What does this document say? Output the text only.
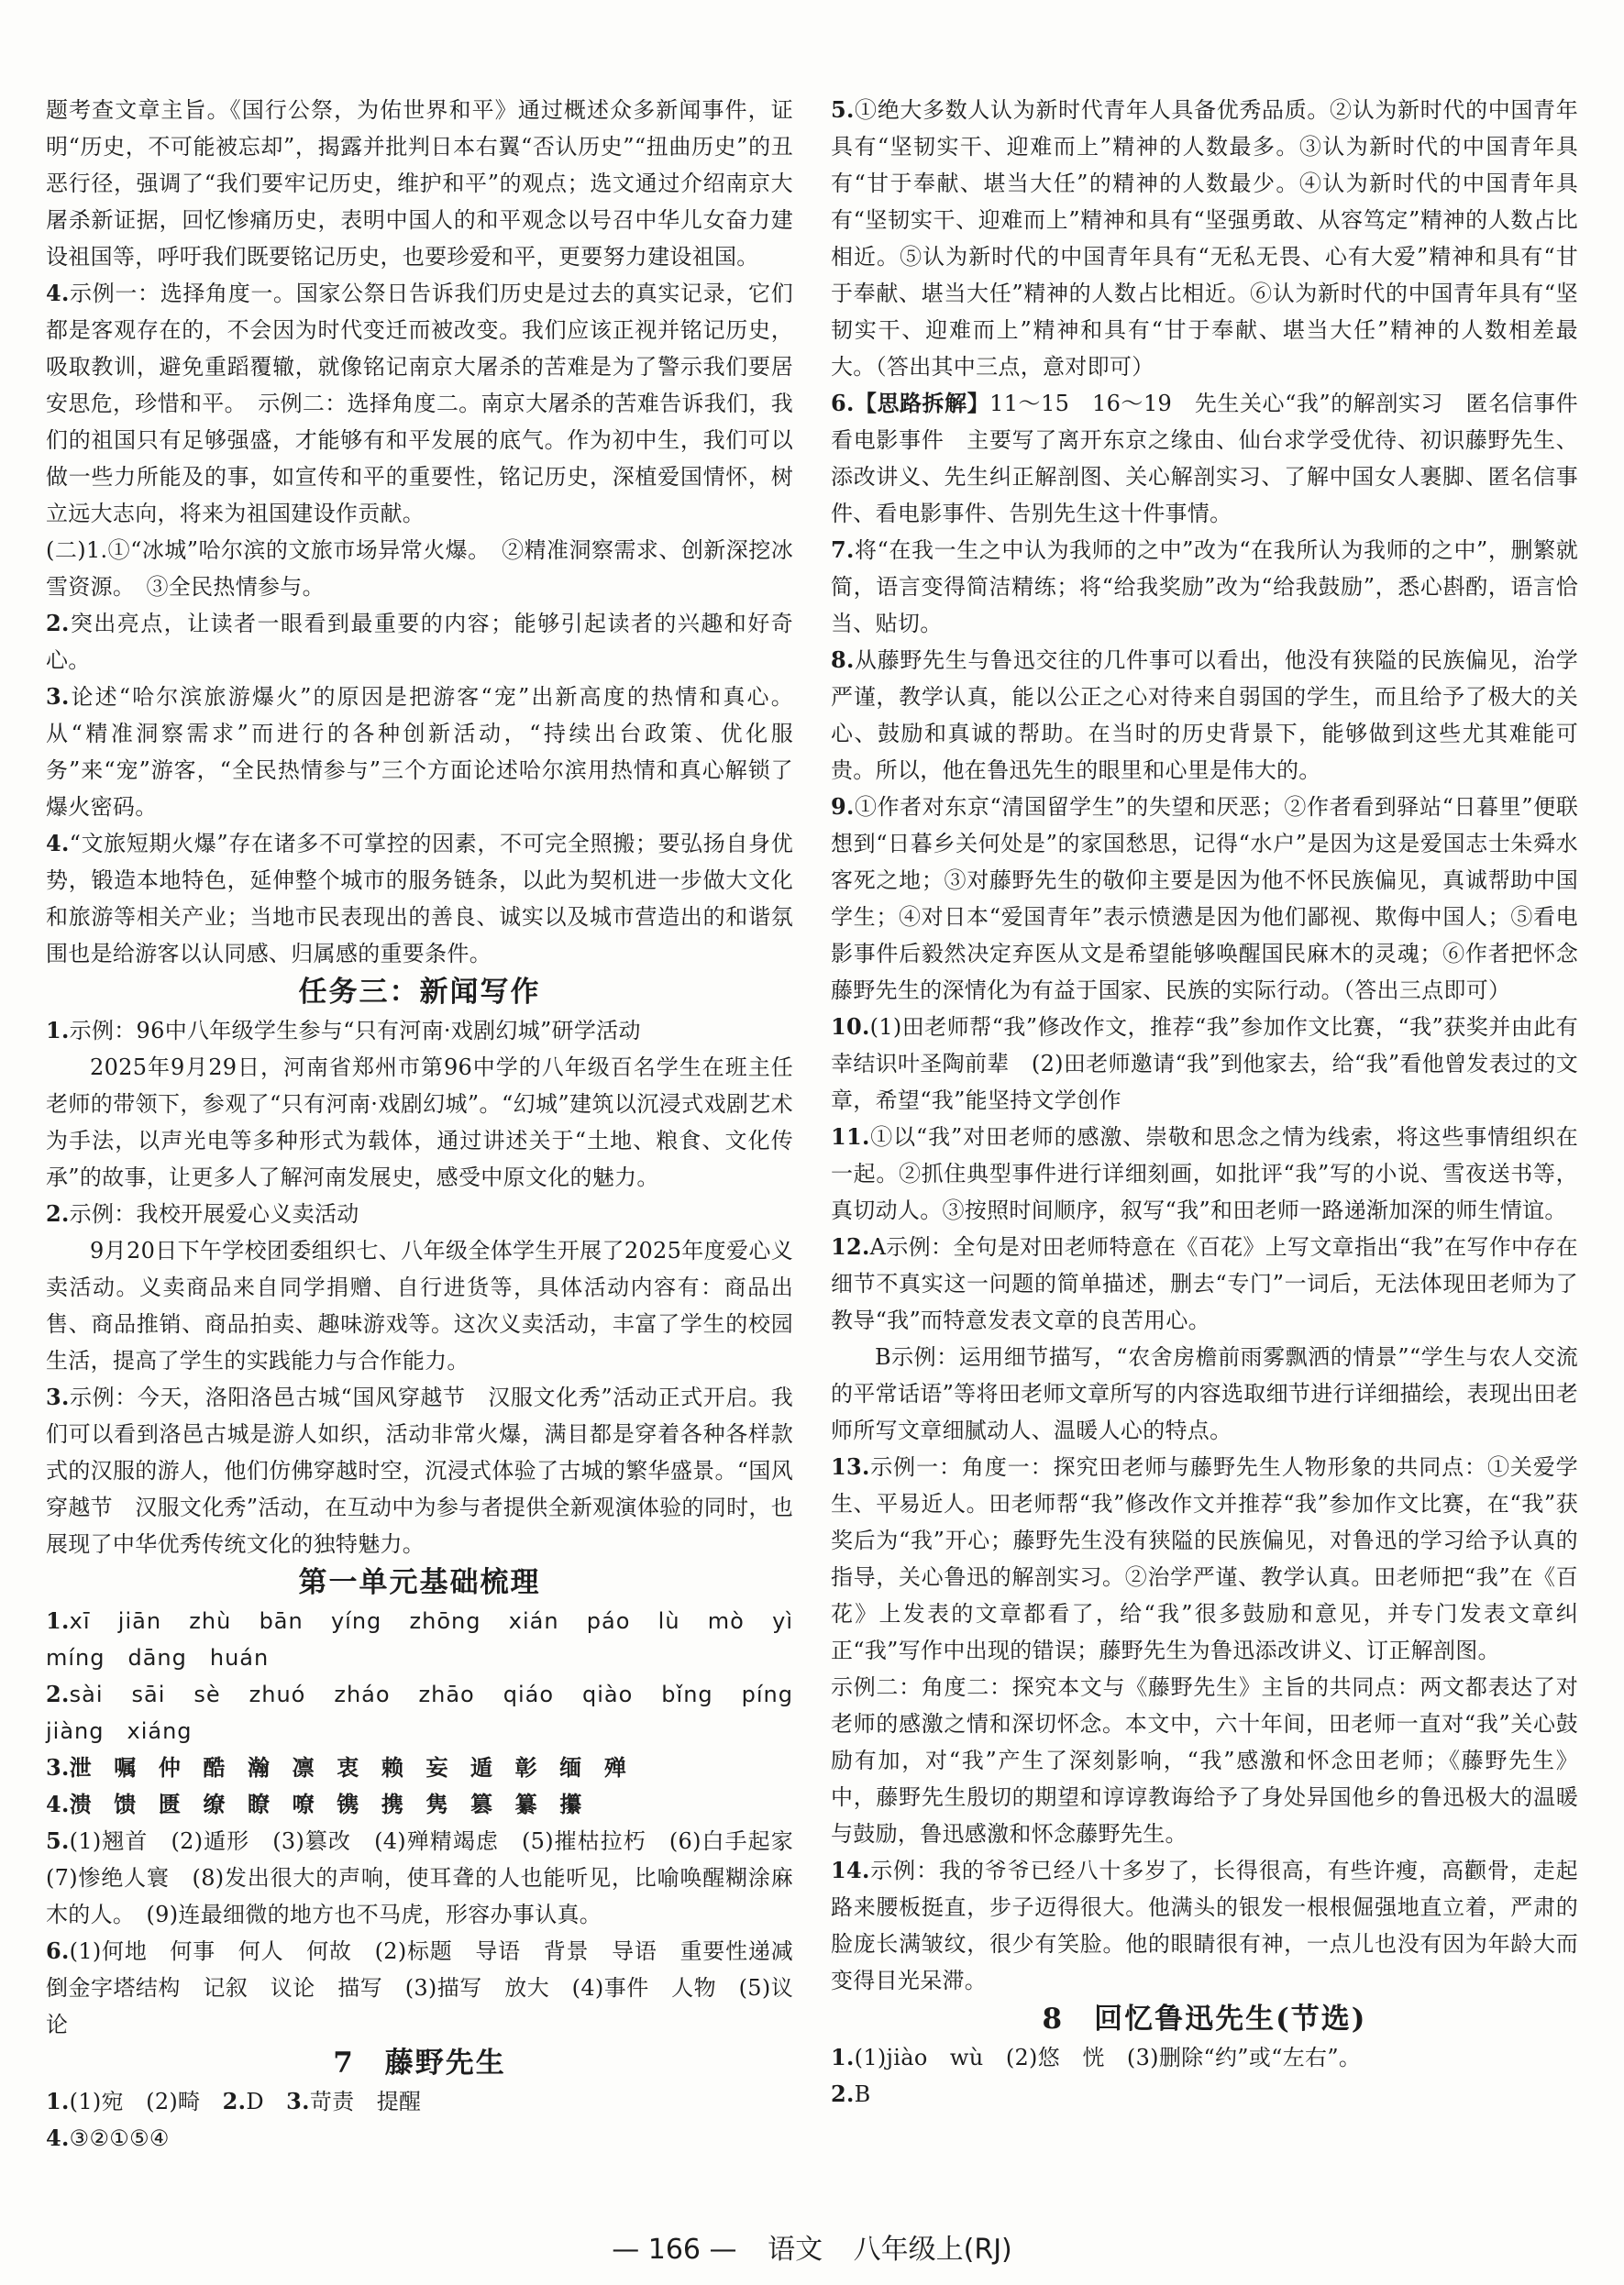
题考查文章主旨。《国行公祭，为佑世界和平》通过概述众多新闻事件，证明“历史，不可能被忘却”，揭露并批判日本右翼“否认历史”“扭曲历史”的丑恶行径，强调了“我们要牢记历史，维护和平”的观点；选文通过介绍南京大屠杀新证据，回忆惨痛历史，表明中国人的和平观念以号召中华儿女奋力建设祖国等，呼吁我们既要铭记历史，也要珍爱和平，更要努力建设祖国。

4.示例一：选择角度一。国家公祭日告诉我们历史是过去的真实记录，它们都是客观存在的，不会因为时代变迁而被改变。我们应该正视并铭记历史，吸取教训，避免重蹈覆辙，就像铭记南京大屠杀的苦难是为了警示我们要居安思危，珍惜和平。　示例二：选择角度二。南京大屠杀的苦难告诉我们，我们的祖国只有足够强盛，才能够有和平发展的底气。作为初中生，我们可以做一些力所能及的事，如宣传和平的重要性，铭记历史，深植爱国情怀，树立远大志向，将来为祖国建设作贡献。

(二)1.①“冰城”哈尔滨的文旅市场异常火爆。　②精准洞察需求、创新深挖冰雪资源。　③全民热情参与。

2.突出亮点，让读者一眼看到最重要的内容；能够引起读者的兴趣和好奇心。

3.论述“哈尔滨旅游爆火”的原因是把游客“宠”出新高度的热情和真心。从“精准洞察需求”而进行的各种创新活动，“持续出台政策、优化服务”来“宠”游客，“全民热情参与”三个方面论述哈尔滨用热情和真心解锁了爆火密码。

4.“文旅短期火爆”存在诸多不可掌控的因素，不可完全照搬；要弘扬自身优势，锻造本地特色，延伸整个城市的服务链条，以此为契机进一步做大文化和旅游等相关产业；当地市民表现出的善良、诚实以及城市营造出的和谐氛围也是给游客以认同感、归属感的重要条件。

任务三：新闻写作

1.示例：96中八年级学生参与“只有河南·戏剧幻城”研学活动

2025年9月29日，河南省郑州市第96中学的八年级百名学生在班主任老师的带领下，参观了“只有河南·戏剧幻城”。“幻城”建筑以沉浸式戏剧艺术为手法，以声光电等多种形式为载体，通过讲述关于“土地、粮食、文化传承”的故事，让更多人了解河南发展史，感受中原文化的魅力。

2.示例：我校开展爱心义卖活动

9月20日下午学校团委组织七、八年级全体学生开展了2025年度爱心义卖活动。义卖商品来自同学捐赠、自行进货等，具体活动内容有：商品出售、商品推销、商品拍卖、趣味游戏等。这次义卖活动，丰富了学生的校园生活，提高了学生的实践能力与合作能力。

3.示例：今天，洛阳洛邑古城“国风穿越节　汉服文化秀”活动正式开启。我们可以看到洛邑古城是游人如织，活动非常火爆，满目都是穿着各种各样款式的汉服的游人，他们仿佛穿越时空，沉浸式体验了古城的繁华盛景。“国风穿越节　汉服文化秀”活动，在互动中为参与者提供全新观演体验的同时，也展现了中华优秀传统文化的独特魅力。

第一单元基础梳理

1.xī　jiān　zhù　bān　yíng　zhōng　xián　páo　lù　mò　yì　míng　dāng　huán

2.sài　sāi　sè　zhuó　zháo　zhāo　qiáo　qiào　bǐng　píng　jiàng　xiáng

3.泄　嘱　仲　酷　瀚　凛　衷　赖　妄　遁　彰　缅　殚

4.溃　馈　匮　缭　瞭　嘹　镌　携　隽　篡　纂　攥

5.(1)翘首　(2)遁形　(3)篡改　(4)殚精竭虑　(5)摧枯拉朽　(6)白手起家　(7)惨绝人寰　(8)发出很大的声响，使耳聋的人也能听见，比喻唤醒糊涂麻木的人。　(9)连最细微的地方也不马虎，形容办事认真。

6.(1)何地　何事　何人　何故　(2)标题　导语　背景　导语　重要性递减　倒金字塔结构　记叙　议论　描写　(3)描写　放大　(4)事件　人物　(5)议论

7　藤野先生

1.(1)宛　(2)畸　2.D　3.苛责　提醒

4.③②①⑤④

5.①绝大多数人认为新时代青年人具备优秀品质。②认为新时代的中国青年具有“坚韧实干、迎难而上”精神的人数最多。③认为新时代的中国青年具有“甘于奉献、堪当大任”的精神的人数最少。④认为新时代的中国青年具有“坚韧实干、迎难而上”精神和具有“坚强勇敢、从容笃定”精神的人数占比相近。⑤认为新时代的中国青年具有“无私无畏、心有大爱”精神和具有“甘于奉献、堪当大任”精神的人数占比相近。⑥认为新时代的中国青年具有“坚韧实干、迎难而上”精神和具有“甘于奉献、堪当大任”精神的人数相差最大。（答出其中三点，意对即可）

6.【思路拆解】11～15　16～19　先生关心“我”的解剖实习　匿名信事件　看电影事件　主要写了离开东京之缘由、仙台求学受优待、初识藤野先生、添改讲义、先生纠正解剖图、关心解剖实习、了解中国女人裹脚、匿名信事件、看电影事件、告别先生这十件事情。

7.将“在我一生之中认为我师的之中”改为“在我所认为我师的之中”，删繁就简，语言变得简洁精练；将“给我奖励”改为“给我鼓励”，悉心斟酌，语言恰当、贴切。

8.从藤野先生与鲁迅交往的几件事可以看出，他没有狭隘的民族偏见，治学严谨，教学认真，能以公正之心对待来自弱国的学生，而且给予了极大的关心、鼓励和真诚的帮助。在当时的历史背景下，能够做到这些尤其难能可贵。所以，他在鲁迅先生的眼里和心里是伟大的。

9.①作者对东京“清国留学生”的失望和厌恶；②作者看到驿站“日暮里”便联想到“日暮乡关何处是”的家国愁思，记得“水户”是因为这是爱国志士朱舜水客死之地；③对藤野先生的敬仰主要是因为他不怀民族偏见，真诚帮助中国学生；④对日本“爱国青年”表示愤懑是因为他们鄙视、欺侮中国人；⑤看电影事件后毅然决定弃医从文是希望能够唤醒国民麻木的灵魂；⑥作者把怀念藤野先生的深情化为有益于国家、民族的实际行动。（答出三点即可）

10.(1)田老师帮“我”修改作文，推荐“我”参加作文比赛，“我”获奖并由此有幸结识叶圣陶前辈　(2)田老师邀请“我”到他家去，给“我”看他曾发表过的文章，希望“我”能坚持文学创作

11.①以“我”对田老师的感激、崇敬和思念之情为线索，将这些事情组织在一起。②抓住典型事件进行详细刻画，如批评“我”写的小说、雪夜送书等，真切动人。③按照时间顺序，叙写“我”和田老师一路递渐加深的师生情谊。

12.A示例：全句是对田老师特意在《百花》上写文章指出“我”在写作中存在细节不真实这一问题的简单描述，删去“专门”一词后，无法体现田老师为了教导“我”而特意发表文章的良苦用心。

B示例：运用细节描写，“农舍房檐前雨雾飘洒的情景”“学生与农人交流的平常话语”等将田老师文章所写的内容选取细节进行详细描绘，表现出田老师所写文章细腻动人、温暖人心的特点。

13.示例一：角度一：探究田老师与藤野先生人物形象的共同点：①关爱学生、平易近人。田老师帮“我”修改作文并推荐“我”参加作文比赛，在“我”获奖后为“我”开心；藤野先生没有狭隘的民族偏见，对鲁迅的学习给予认真的指导，关心鲁迅的解剖实习。②治学严谨、教学认真。田老师把“我”在《百花》上发表的文章都看了，给“我”很多鼓励和意见，并专门发表文章纠正“我”写作中出现的错误；藤野先生为鲁迅添改讲义、订正解剖图。

示例二：角度二：探究本文与《藤野先生》主旨的共同点：两文都表达了对老师的感激之情和深切怀念。本文中，六十年间，田老师一直对“我”关心鼓励有加，对“我”产生了深刻影响，“我”感激和怀念田老师；《藤野先生》中，藤野先生殷切的期望和谆谆教诲给予了身处异国他乡的鲁迅极大的温暖与鼓励，鲁迅感激和怀念藤野先生。

14.示例：我的爷爷已经八十多岁了，长得很高，有些许瘦，高颧骨，走起路来腰板挺直，步子迈得很大。他满头的银发一根根倔强地直立着，严肃的脸庞长满皱纹，很少有笑脸。他的眼睛很有神，一点儿也没有因为年龄大而变得目光呆滞。

8　回忆鲁迅先生(节选)

1.(1)jiào　wù　(2)悠　恍　(3)删除“约”或“左右”。

2.B

— 166 — 语文 八年级上(RJ)
